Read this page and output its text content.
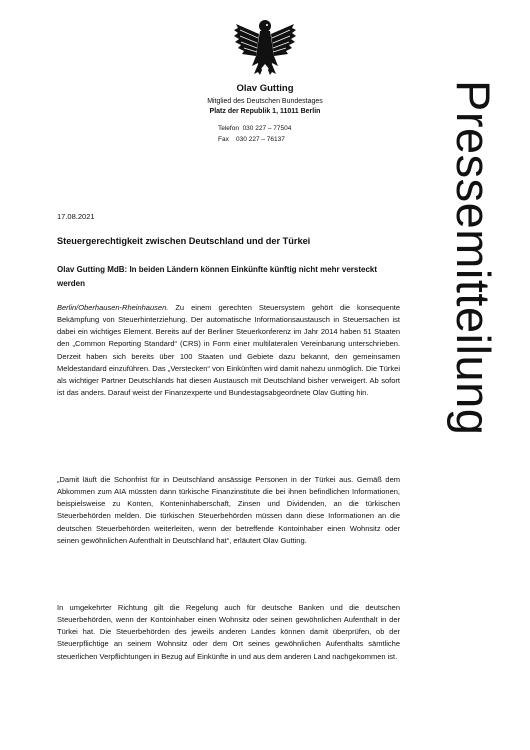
Olav Gutting
Mitglied des Deutschen Bundestages
Platz der Republik 1, 11011 Berlin
Telefon  030 227 – 77504
Fax    030 227 – 76137	Pressemitteilung
17.08.2021
Steuergerechtigkeit zwischen Deutschland und der Türkei
Olav Gutting MdB: In beiden Ländern können Einkünfte künftig nicht mehr versteckt werden
Berlin/Oberhausen-Rheinhausen. Zu einem gerechten Steuersystem gehört die konsequente Bekämpfung von Steuerhinterziehung. Der automatische Informationsaustausch in Steuersachen ist dabei ein wichtiges Element. Bereits auf der Berliner Steuerkonferenz im Jahr 2014 haben 51 Staaten den „Common Reporting Standard“ (CRS) in Form einer multilateralen Vereinbarung unterschrieben. Derzeit haben sich bereits über 100 Staaten und Gebiete dazu bekannt, den gemeinsamen Meldestandard einzuführen. Das „Verstecken“ von Einkünften wird damit nahezu unmöglich. Die Türkei als wichtiger Partner Deutschlands hat diesen Austausch mit Deutschland bisher verweigert. Ab sofort ist das anders. Darauf weist der Finanzexperte und Bundestagsabgeordnete Olav Gutting hin.
„Damit läuft die Schonfrist für in Deutschland ansässige Personen in der Türkei aus. Gemäß dem Abkommen zum AIA müssten dann türkische Finanzinstitute die bei ihnen befindlichen Informationen, beispielsweise zu Konten, Konteninhaberschaft, Zinsen und Dividenden, an die türkischen Steuerbehörden melden. Die türkischen Steuerbehörden müssen dann diese Informationen an die deutschen Steuerbehörden weiterleiten, wenn der betreffende Kontoinhaber einen Wohnsitz oder seinen gewöhnlichen Aufenthalt in Deutschland hat“, erläutert Olav Gutting.
In umgekehrter Richtung gilt die Regelung auch für deutsche Banken und die deutschen Steuerbehörden, wenn der Kontoinhaber einen Wohnsitz oder seinen gewöhnlichen Aufenthalt in der Türkei hat. Die Steuerbehörden des jeweils anderen Landes können damit überprüfen, ob der Steuerpflichtige an seinem Wohnsitz oder dem Ort seines gewöhnlichen Aufenthalts sämtliche steuerlichen Verpflichtungen in Bezug auf Einkünfte in und aus dem anderen Land nachgekommen ist.
